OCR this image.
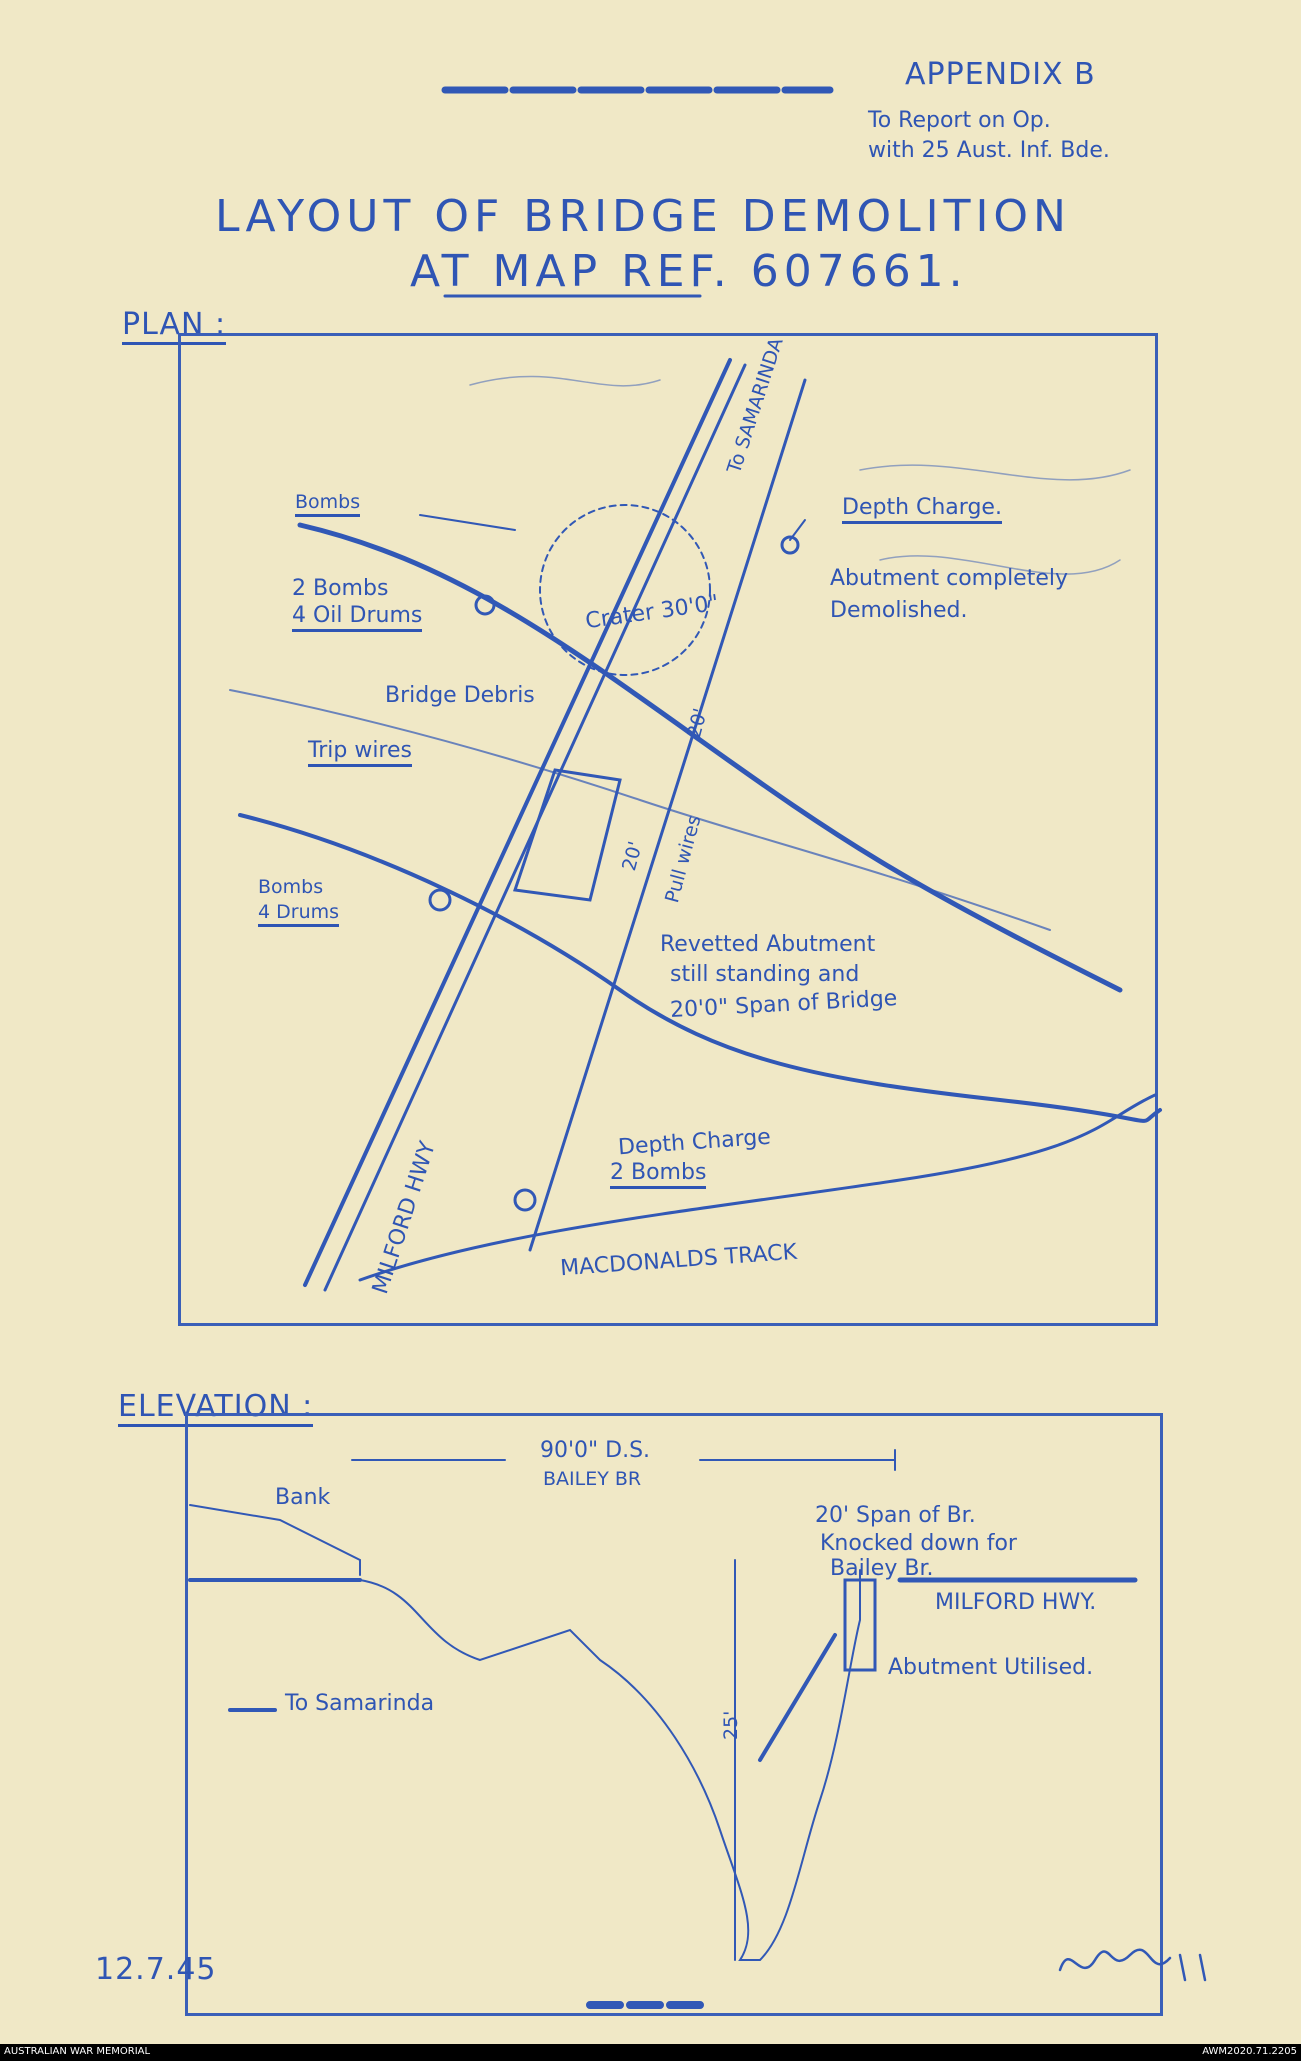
APPENDIX B
To Report on Op.
with 25 Aust. Inf. Bde.
LAYOUT OF BRIDGE DEMOLITION
AT MAP REF. 607661.
PLAN :
To SAMARINDA
Bombs	Depth Charge.
Abutment completely
Demolished.
2 Bombs
4 Oil Drums	Crater 30'0"
Bridge Debris
20'
Trip wires
20' Pull wires
Bombs
4 Drums
Revetted Abutment
still standing and
20'0" Span of Bridge
MILFORD HWY	Depth Charge
2 Bombs
MACDONALDS TRACK
ELEVATION :
90'0" D.S.
BAILEY BR
Bank
20' Span of Br.
Knocked down for
Bailey Br.
MILFORD HWY.
25'
Abutment Utilised.
To Samarinda
12.7.45
AUSTRALIAN WAR MEMORIAL	AWM2020.71.2205
